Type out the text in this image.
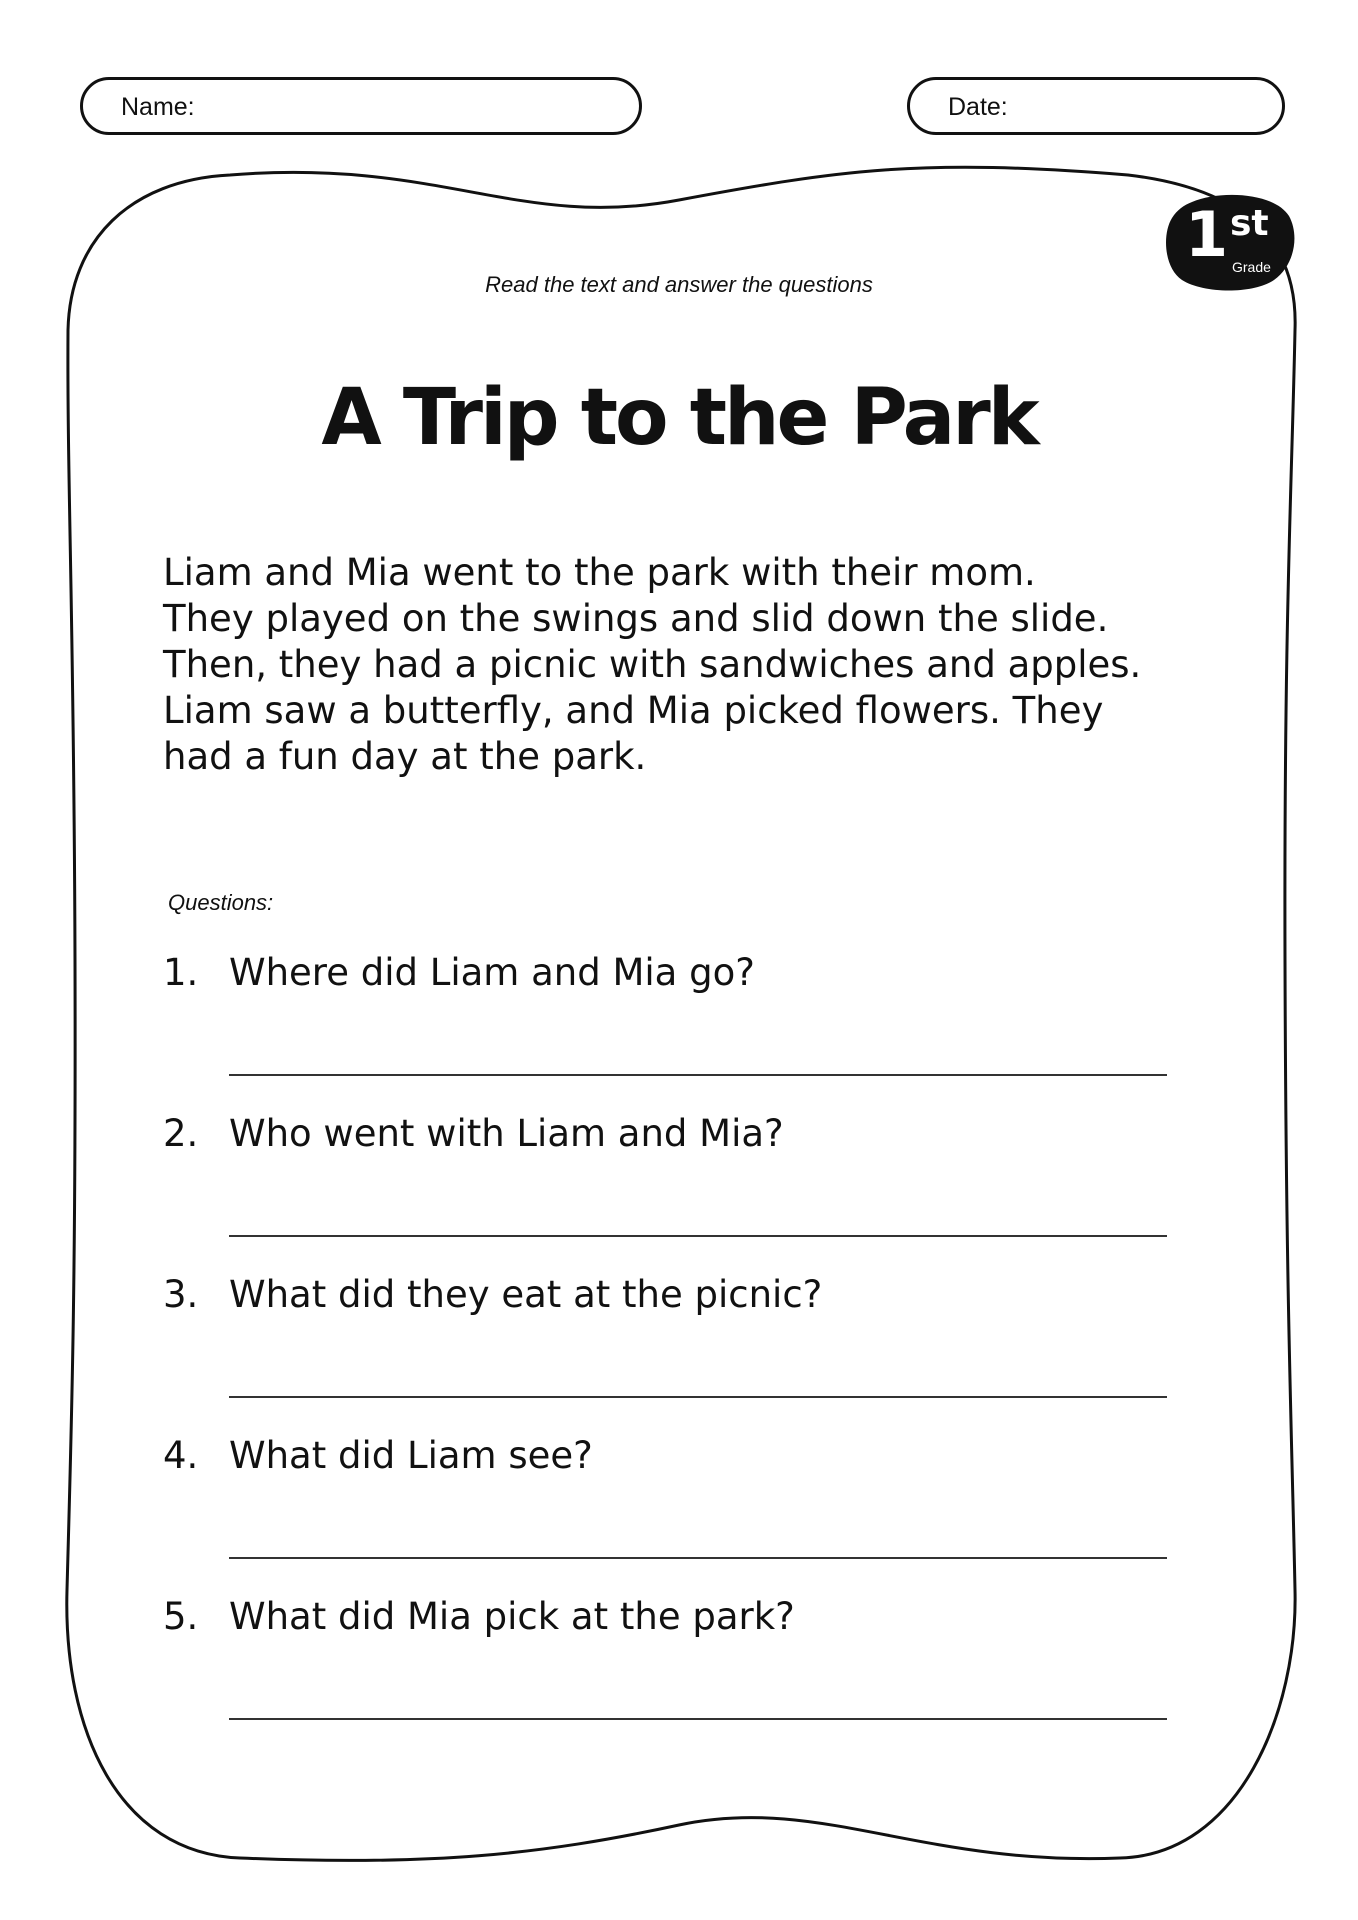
Name:	Date:
1 st
Grade
Read the text and answer the questions
A Trip to the Park
Liam and Mia went to the park with their mom.
They played on the swings and slid down the slide.
Then, they had a picnic with sandwiches and apples.
Liam saw a butterfly, and Mia picked flowers. They
had a fun day at the park.
Questions:
1. Where did Liam and Mia go?
2. Who went with Liam and Mia?
3. What did they eat at the picnic?
4. What did Liam see?
5. What did Mia pick at the park?
